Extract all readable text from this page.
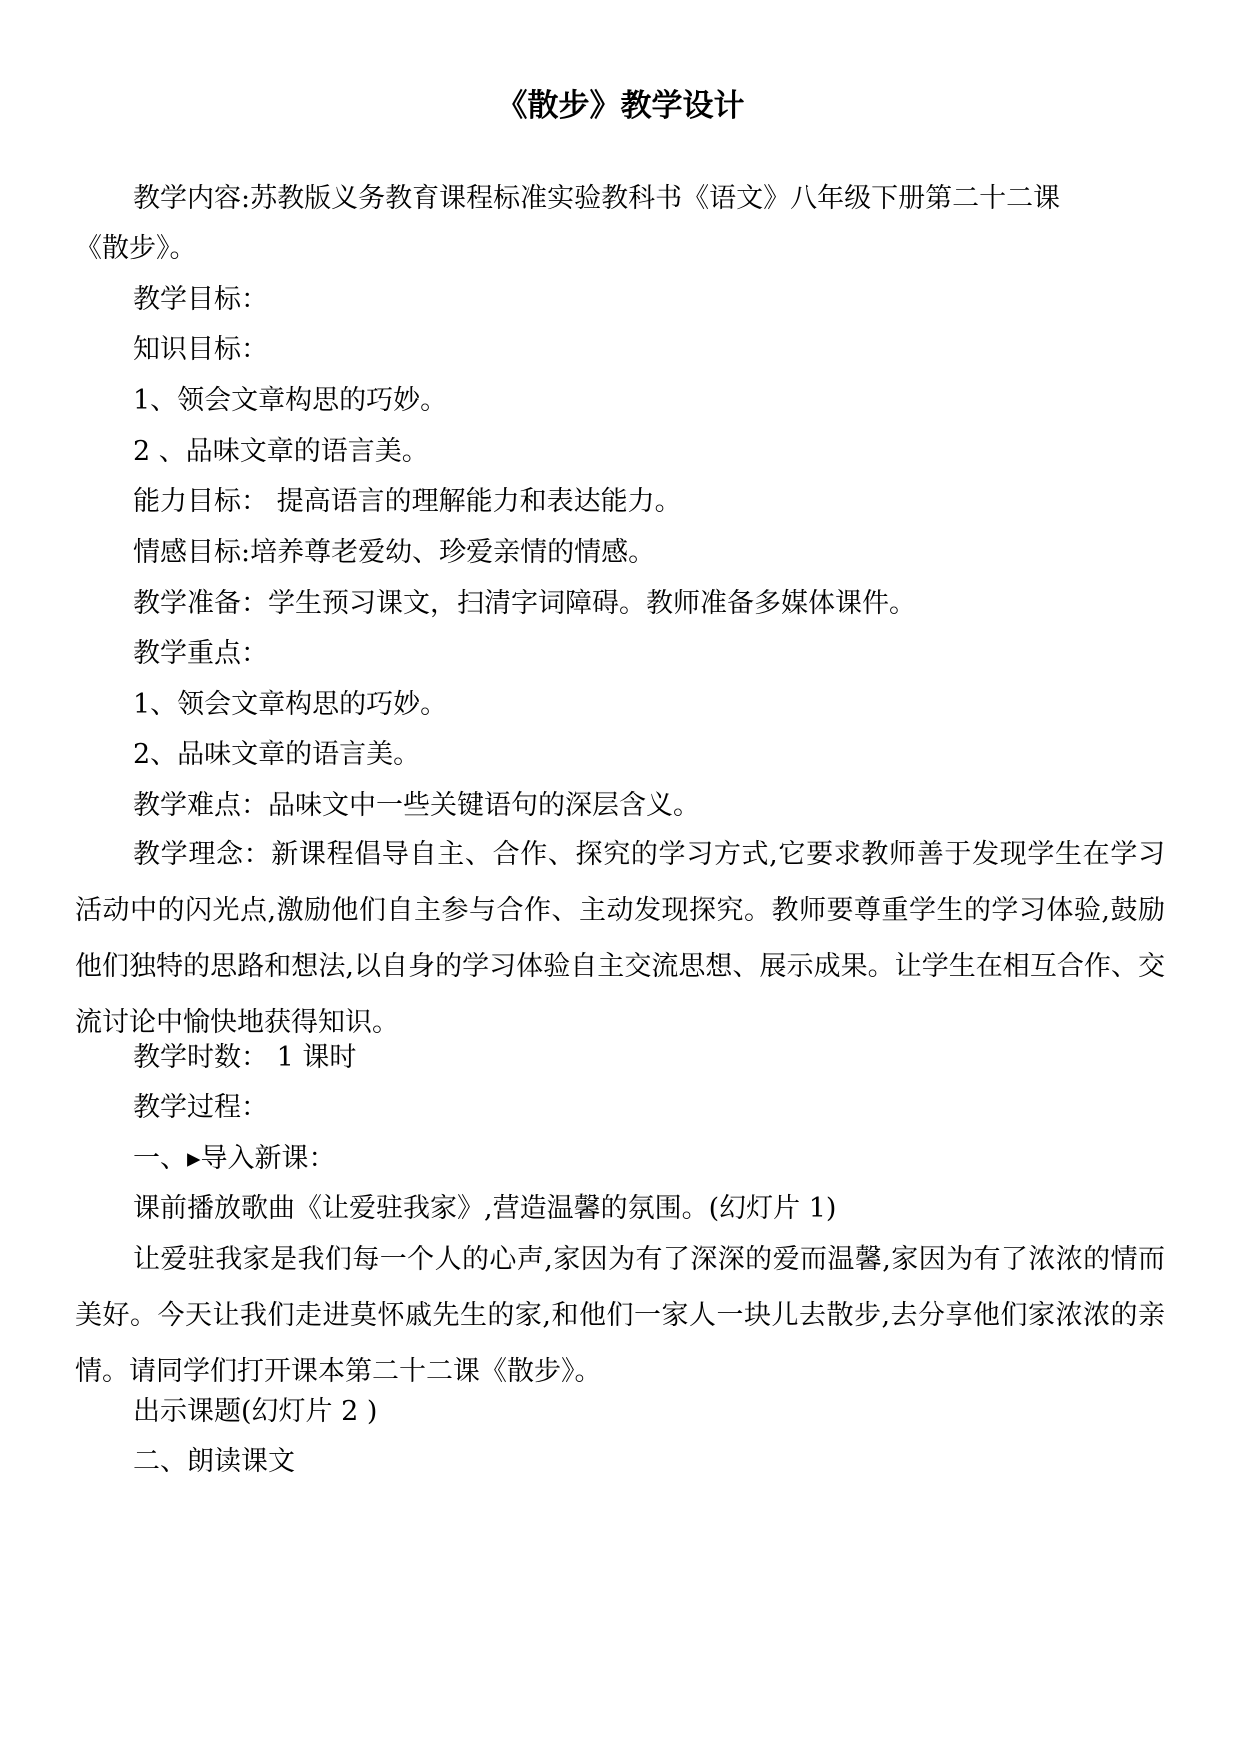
《散步》教学设计
教学内容:苏教版义务教育课程标准实验教科书《语文》八年级下册第二十二课
《散步》。
教学目标：
知识目标：
1、领会文章构思的巧妙。
2 、品味文章的语言美。
能力目标： 提高语言的理解能力和表达能力。
情感目标:培养尊老爱幼、珍爱亲情的情感。
教学准备：学生预习课文，扫清字词障碍。教师准备多媒体课件。
教学重点：
1、领会文章构思的巧妙。
2、品味文章的语言美。
教学难点：品味文中一些关键语句的深层含义。

教学理念：新课程倡导自主、合作、探究的学习方式,它要求教师善于发现学生在学习活动中的闪光点,激励他们自主参与合作、主动发现探究。教师要尊重学生的学习体验,鼓励他们独特的思路和想法,以自身的学习体验自主交流思想、展示成果。让学生在相互合作、交流讨论中愉快地获得知识。

教学时数： 1 课时
教学过程：
一、▸导入新课：
课前播放歌曲《让爱驻我家》,营造温馨的氛围。(幻灯片 1)

让爱驻我家是我们每一个人的心声,家因为有了深深的爱而温馨,家因为有了浓浓的情而美好。今天让我们走进莫怀戚先生的家,和他们一家人一块儿去散步,去分享他们家浓浓的亲情。请同学们打开课本第二十二课《散步》。

出示课题(幻灯片 2 )
二、朗读课文
